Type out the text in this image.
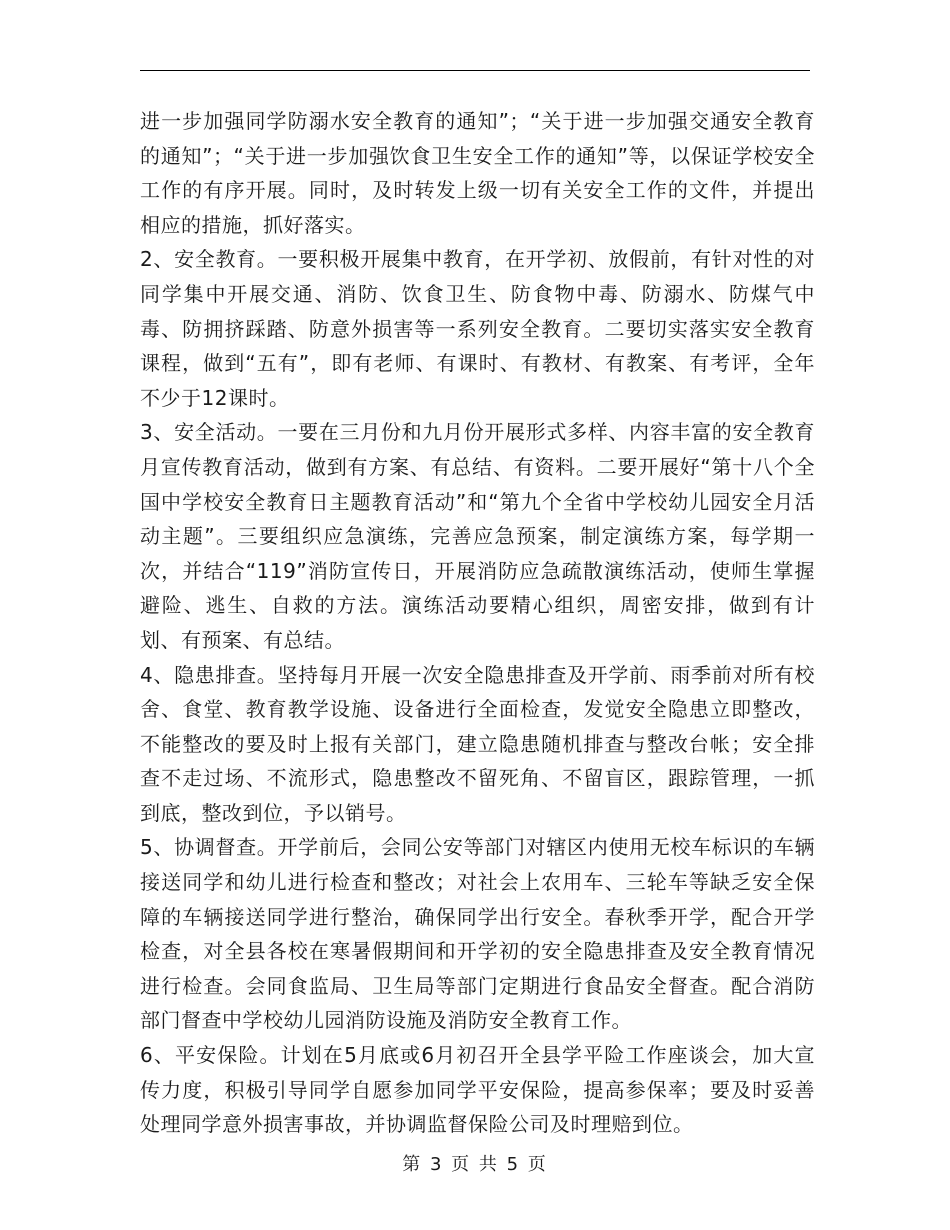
进一步加强同学防溺水安全教育的通知”；“关于进一步加强交通安全教育的通知”；“关于进一步加强饮食卫生安全工作的通知”等，以保证学校安全工作的有序开展。同时，及时转发上级一切有关安全工作的文件，并提出相应的措施，抓好落实。

2、安全教育。一要积极开展集中教育，在开学初、放假前，有针对性的对同学集中开展交通、消防、饮食卫生、防食物中毒、防溺水、防煤气中毒、防拥挤踩踏、防意外损害等一系列安全教育。二要切实落实安全教育课程，做到“五有”，即有老师、有课时、有教材、有教案、有考评，全年不少于12课时。

3、安全活动。一要在三月份和九月份开展形式多样、内容丰富的安全教育月宣传教育活动，做到有方案、有总结、有资料。二要开展好“第十八个全国中学校安全教育日主题教育活动”和“第九个全省中学校幼儿园安全月活动主题”。三要组织应急演练，完善应急预案，制定演练方案，每学期一次，并结合“119”消防宣传日，开展消防应急疏散演练活动，使师生掌握避险、逃生、自救的方法。演练活动要精心组织，周密安排，做到有计划、有预案、有总结。

4、隐患排查。坚持每月开展一次安全隐患排查及开学前、雨季前对所有校舍、食堂、教育教学设施、设备进行全面检查，发觉安全隐患立即整改，不能整改的要及时上报有关部门，建立隐患随机排查与整改台帐；安全排查不走过场、不流形式，隐患整改不留死角、不留盲区，跟踪管理，一抓到底，整改到位，予以销号。

5、协调督查。开学前后，会同公安等部门对辖区内使用无校车标识的车辆接送同学和幼儿进行检查和整改；对社会上农用车、三轮车等缺乏安全保障的车辆接送同学进行整治，确保同学出行安全。春秋季开学，配合开学检查，对全县各校在寒暑假期间和开学初的安全隐患排查及安全教育情况进行检查。会同食监局、卫生局等部门定期进行食品安全督查。配合消防部门督查中学校幼儿园消防设施及消防安全教育工作。

6、平安保险。计划在5月底或6月初召开全县学平险工作座谈会，加大宣传力度，积极引导同学自愿参加同学平安保险，提高参保率；要及时妥善处理同学意外损害事故，并协调监督保险公司及时理赔到位。

第 3 页 共 5 页
